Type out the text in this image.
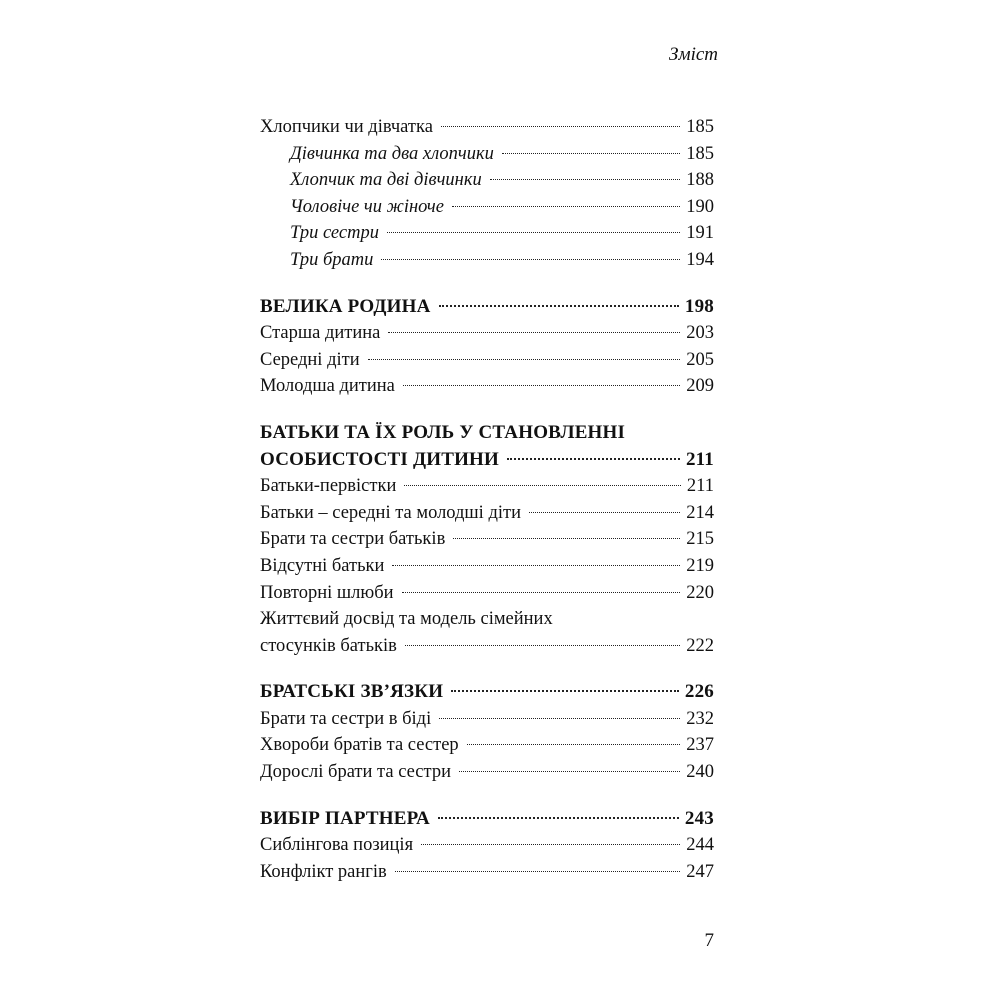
Зміст
Хлопчики чи дівчатка	185
Дівчинка та два хлопчики	185
Хлопчик та дві дівчинки	188
Чоловіче чи жіноче	190
Три сестри	191
Три брати	194
ВЕЛИКА РОДИНА	198
Старша дитина	203
Середні діти	205
Молодша дитина	209
БАТЬКИ ТА ЇХ РОЛЬ У СТАНОВЛЕННІ
ОСОБИСТОСТІ ДИТИНИ	211
Батьки-первістки	211
Батьки – середні та молодші діти	214
Брати та сестри батьків	215
Відсутні батьки	219
Повторні шлюби	220
Життєвий досвід та модель сімейних
стосунків батьків	222
БРАТСЬКІ ЗВ’ЯЗКИ	226
Брати та сестри в біді	232
Хвороби братів та сестер	237
Дорослі брати та сестри	240
ВИБІР ПАРТНЕРА	243
Сиблінгова позиція	244
Конфлікт рангів	247
7
